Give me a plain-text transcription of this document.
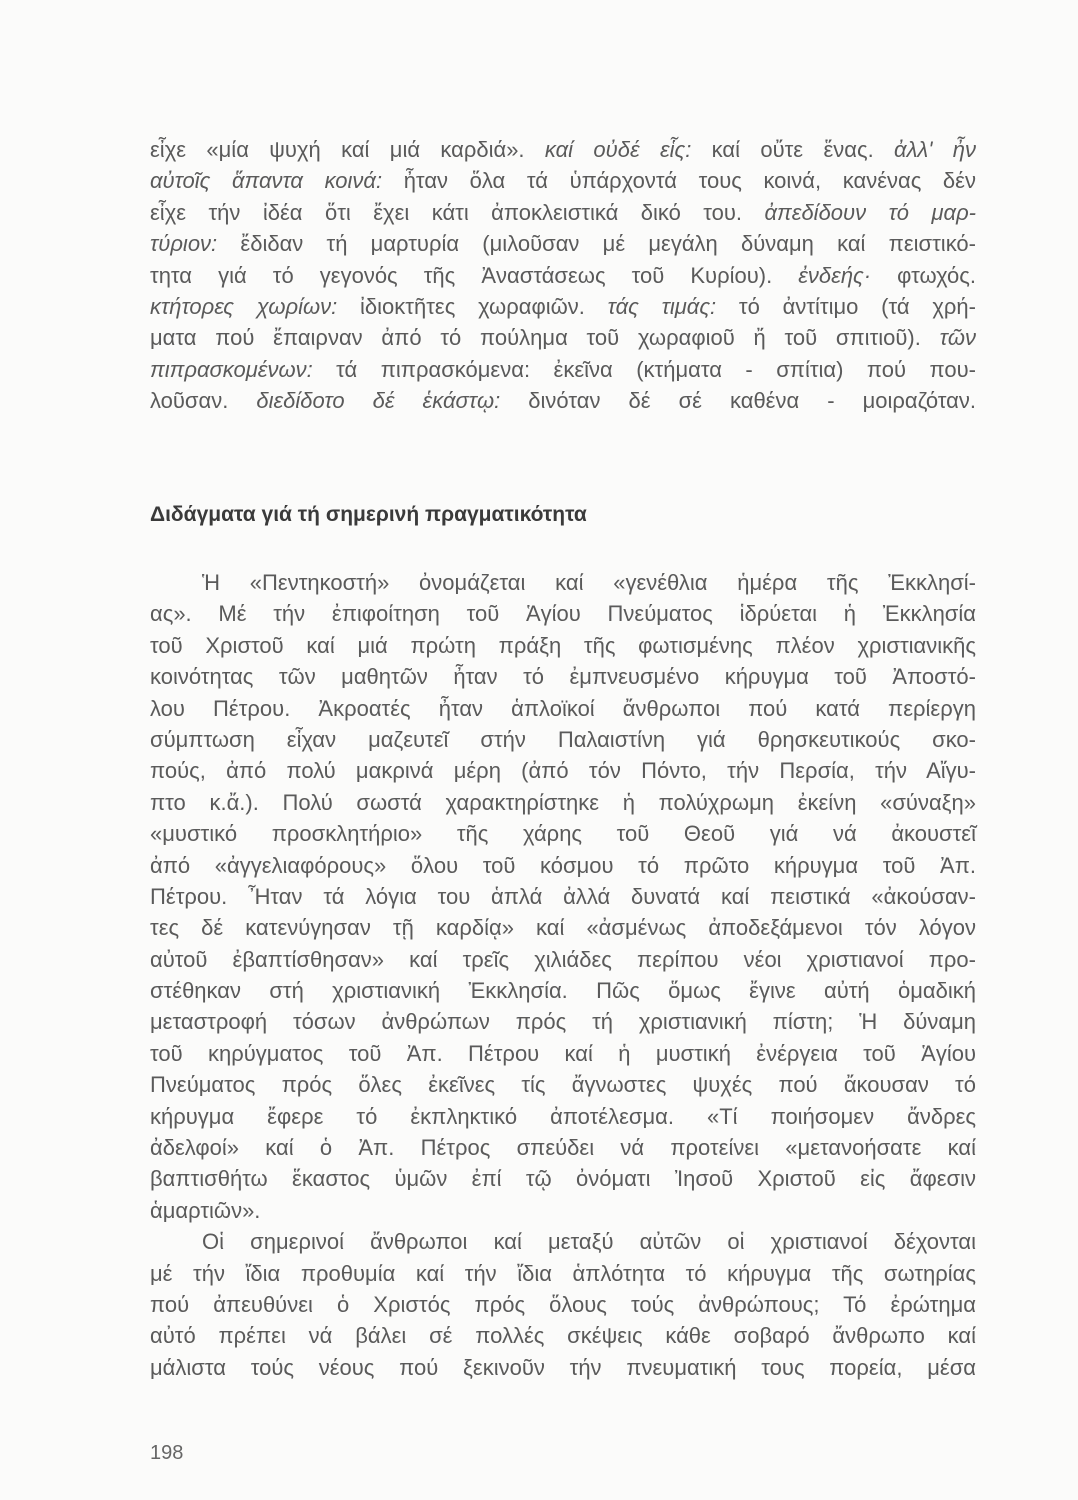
εἶχε «μία ψυχή καί μιά καρδιά». καί οὐδέ εἷς: καί οὔτε ἕνας. ἀλλ' ἦν
αὐτοῖς ἅπαντα κοινά: ἦταν ὅλα τά ὑπάρχοντά τους κοινά, κανένας δέν
εἶχε τήν ἰδέα ὅτι ἔχει κάτι ἀποκλειστικά δικό του. ἀπεδίδουν τό μαρ-
τύριον: ἔδιδαν τή μαρτυρία (μιλοῦσαν μέ μεγάλη δύναμη καί πειστικό-
τητα γιά τό γεγονός τῆς Ἀναστάσεως τοῦ Κυρίου). ἐνδεής· φτωχός.
κτήτορες χωρίων: ἰδιοκτῆτες χωραφιῶν. τάς τιμάς: τό ἀντίτιμο (τά χρή-
ματα πού ἔπαιρναν ἀπό τό πούλημα τοῦ χωραφιοῦ ἤ τοῦ σπιτιοῦ). τῶν
πιπρασκομένων: τά πιπρασκόμενα: ἐκεῖνα (κτήματα - σπίτια) πού που-
λοῦσαν. διεδίδοτο δέ ἑκάστῳ: δινόταν δέ σέ καθένα - μοιραζόταν.
Διδάγματα γιά τή σημερινή πραγματικότητα
Ἡ «Πεντηκοστή» ὀνομάζεται καί «γενέθλια ἡμέρα τῆς Ἐκκλησί-
ας». Μέ τήν ἐπιφοίτηση τοῦ Ἁγίου Πνεύματος ἱδρύεται ἡ Ἐκκλησία
τοῦ Χριστοῦ καί μιά πρώτη πράξη τῆς φωτισμένης πλέον χριστιανικῆς
κοινότητας τῶν μαθητῶν ἦταν τό ἐμπνευσμένο κήρυγμα τοῦ Ἀποστό-
λου Πέτρου. Ἀκροατές ἦταν ἁπλοϊκοί ἄνθρωποι πού κατά περίεργη
σύμπτωση εἶχαν μαζευτεῖ στήν Παλαιστίνη γιά θρησκευτικούς σκο-
πούς, ἀπό πολύ μακρινά μέρη (ἀπό τόν Πόντο, τήν Περσία, τήν Αἴγυ-
πτο κ.ἄ.). Πολύ σωστά χαρακτηρίστηκε ἡ πολύχρωμη ἐκείνη «σύναξη»
«μυστικό προσκλητήριο» τῆς χάρης τοῦ Θεοῦ γιά νά ἀκουστεῖ
ἀπό «ἀγγελιαφόρους» ὅλου τοῦ κόσμου τό πρῶτο κήρυγμα τοῦ Ἀπ.
Πέτρου. Ἦταν τά λόγια του ἁπλά ἀλλά δυνατά καί πειστικά «ἀκούσαν-
τες δέ κατενύγησαν τῇ καρδίᾳ» καί «ἀσμένως ἀποδεξάμενοι τόν λόγον
αὐτοῦ ἐβαπτίσθησαν» καί τρεῖς χιλιάδες περίπου νέοι χριστιανοί προ-
στέθηκαν στή χριστιανική Ἐκκλησία. Πῶς ὅμως ἔγινε αὐτή ὁμαδική
μεταστροφή τόσων ἀνθρώπων πρός τή χριστιανική πίστη; Ἡ δύναμη
τοῦ κηρύγματος τοῦ Ἀπ. Πέτρου καί ἡ μυστική ἐνέργεια τοῦ Ἁγίου
Πνεύματος πρός ὅλες ἐκεῖνες τίς ἄγνωστες ψυχές πού ἄκουσαν τό
κήρυγμα ἔφερε τό ἐκπληκτικό ἀποτέλεσμα. «Τί ποιήσομεν ἄνδρες
ἀδελφοί» καί ὁ Ἀπ. Πέτρος σπεύδει νά προτείνει «μετανοήσατε καί
βαπτισθήτω ἕκαστος ὑμῶν ἐπί τῷ ὀνόματι Ἰησοῦ Χριστοῦ εἰς ἄφεσιν
ἁμαρτιῶν».
Οἱ σημερινοί ἄνθρωποι καί μεταξύ αὐτῶν οἱ χριστιανοί δέχονται
μέ τήν ἴδια προθυμία καί τήν ἴδια ἁπλότητα τό κήρυγμα τῆς σωτηρίας
πού ἀπευθύνει ὁ Χριστός πρός ὅλους τούς ἀνθρώπους; Τό ἐρώτημα
αὐτό πρέπει νά βάλει σέ πολλές σκέψεις κάθε σοβαρό ἄνθρωπο καί
μάλιστα τούς νέους πού ξεκινοῦν τήν πνευματική τους πορεία, μέσα
198
